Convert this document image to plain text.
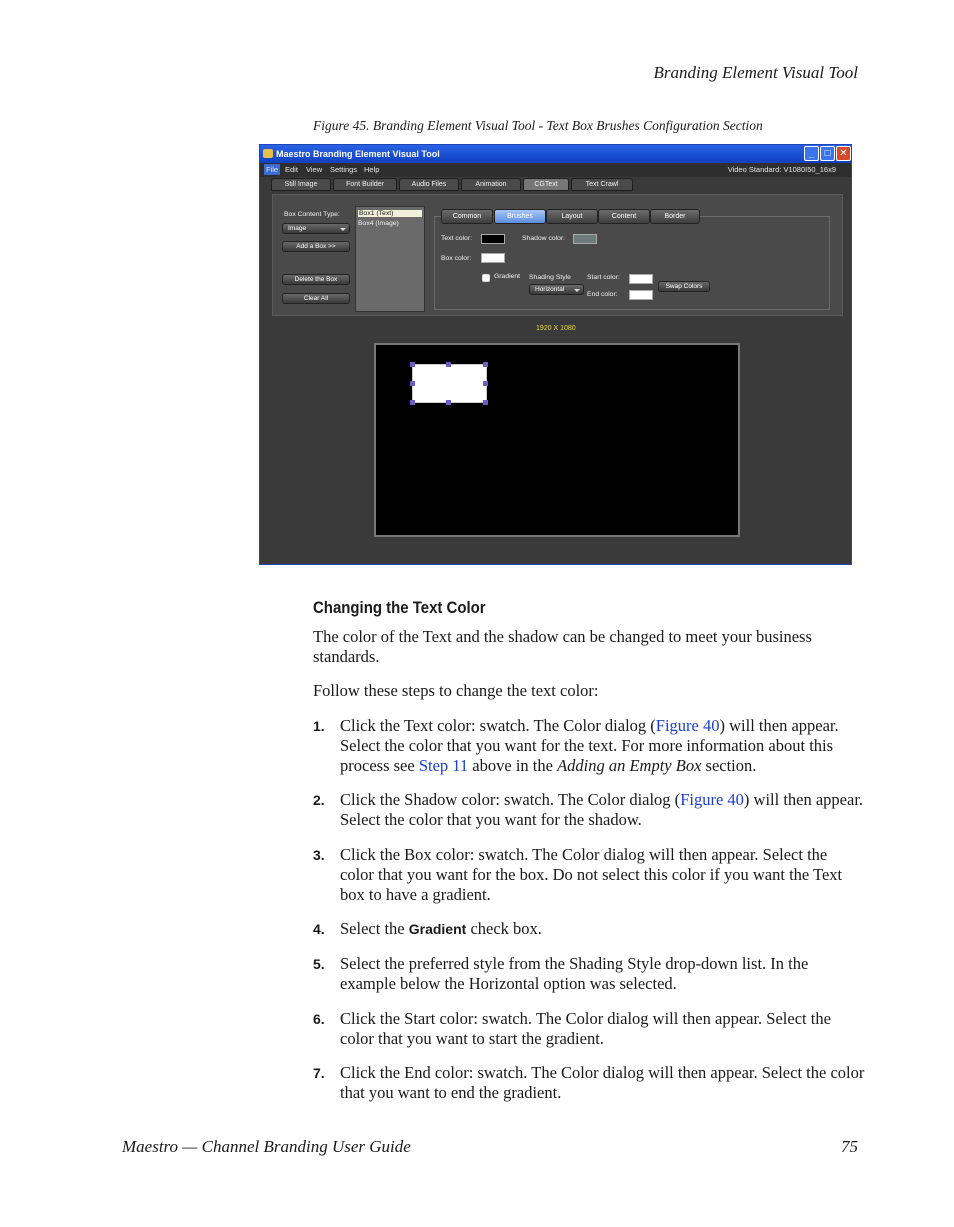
Branding Element Visual Tool
Figure 45. Branding Element Visual Tool - Text Box Brushes Configuration Section
Maestro Branding Element Visual Tool	_	□ ✕
File Edit View Settings Help	Video Standard: V1080I50_16x9
Still Image	Font Builder	Audio Files	Animation	CGText	Text Crawl
Box Content Type:
Image
Add a Box >>
Delete the Box
Clear All
Box1 (Text)
Box4 (Image)
Common	Brushes	Layout	Content	Border
Text color:	Shadow color:
Box color:
Gradient Shading Style
Horizontal
Start color:
End color:
Swap Colors
1920 X 1080
Changing the Text Color
The color of the Text and the shadow can be changed to meet your business standards.
Follow these steps to change the text color:
1. Click the Text color: swatch. The Color dialog (Figure 40) will then appear. Select the color that you want for the text. For more information about this process see Step 11 above in the Adding an Empty Box section.
2. Click the Shadow color: swatch. The Color dialog (Figure 40) will then appear. Select the color that you want for the shadow.
3. Click the Box color: swatch. The Color dialog will then appear. Select the color that you want for the box. Do not select this color if you want the Text box to have a gradient.
4. Select the Gradient check box.
5. Select the preferred style from the Shading Style drop-down list. In the example below the Horizontal option was selected.
6. Click the Start color: swatch. The Color dialog will then appear. Select the color that you want to start the gradient.
7. Click the End color: swatch. The Color dialog will then appear. Select the color that you want to end the gradient.
Maestro — Channel Branding User Guide	75
